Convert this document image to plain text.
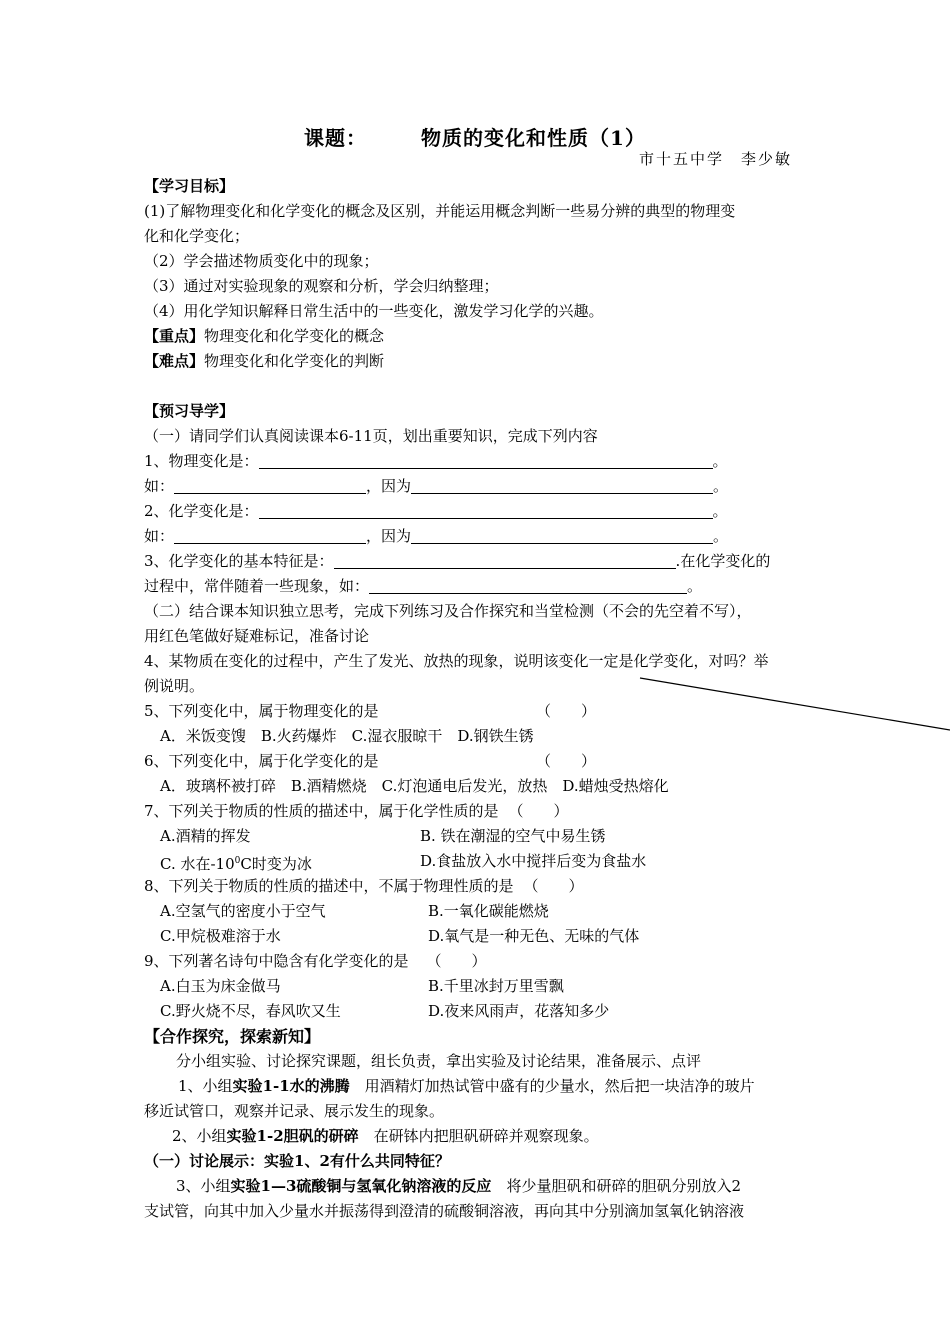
课题：	物质的变化和性质（1）
市十五中学　李少敏
【学习目标】
(1)了解物理变化和化学变化的概念及区别，并能运用概念判断一些易分辨的典型的物理变
化和化学变化；
（2）学会描述物质变化中的现象；
（3）通过对实验现象的观察和分析，学会归纳整理；
（4）用化学知识解释日常生活中的一些变化，激发学习化学的兴趣。
【重点】物理变化和化学变化的概念
【难点】物理变化和化学变化的判断
【预习导学】
（一）请同学们认真阅读课本6-11页，划出重要知识，完成下列内容
1、物理变化是：	。
如：	，因为	。
2、化学变化是：	。
如：	，因为	。
3、化学变化的基本特征是：	.在化学变化的
过程中，常伴随着一些现象，如：	。
（二）结合课本知识独立思考，完成下列练习及合作探究和当堂检测（不会的先空着不写），
用红色笔做好疑难标记，准备讨论
4、某物质在变化的过程中，产生了发光、放热的现象，说明该变化一定是化学变化，对吗？举
例说明。
5、下列变化中，属于物理变化的是	（　　）
A．米饭变馊　B.火药爆炸　C.湿衣服晾干　D.钢铁生锈
6、下列变化中，属于化学变化的是	（　　）
A．玻璃杯被打碎　B.酒精燃烧　C.灯泡通电后发光，放热　D.蜡烛受热熔化
7、下列关于物质的性质的描述中，属于化学性质的是 （　　）
A.酒精的挥发	B. 铁在潮湿的空气中易生锈
C. 水在$-10^0C$时变为冰	D.食盐放入水中搅拌后变为食盐水
8、下列关于物质的性质的描述中，不属于物理性质的是 （　　）
A.空氢气的密度小于空气	B.一氧化碳能燃烧
C.甲烷极难溶于水	D.氧气是一种无色、无味的气体
9、下列著名诗句中隐含有化学变化的是 （　　）
A.白玉为床金做马	B.千里冰封万里雪飘
C.野火烧不尽，春风吹又生	D.夜来风雨声，花落知多少
【合作探究，探索新知】
分小组实验、讨论探究课题，组长负责，拿出实验及讨论结果，准备展示、点评
1、小组实验1-1水的沸腾　用酒精灯加热试管中盛有的少量水，然后把一块洁净的玻片
移近试管口，观察并记录、展示发生的现象。
2、小组实验1-2胆矾的研碎　在研钵内把胆矾研碎并观察现象。
（一）讨论展示：实验1、2有什么共同特征？
3、小组实验1—3硫酸铜与氢氧化钠溶液的反应　将少量胆矾和研碎的胆矾分别放入2
支试管，向其中加入少量水并振荡得到澄清的硫酸铜溶液，再向其中分别滴加氢氧化钠溶液
